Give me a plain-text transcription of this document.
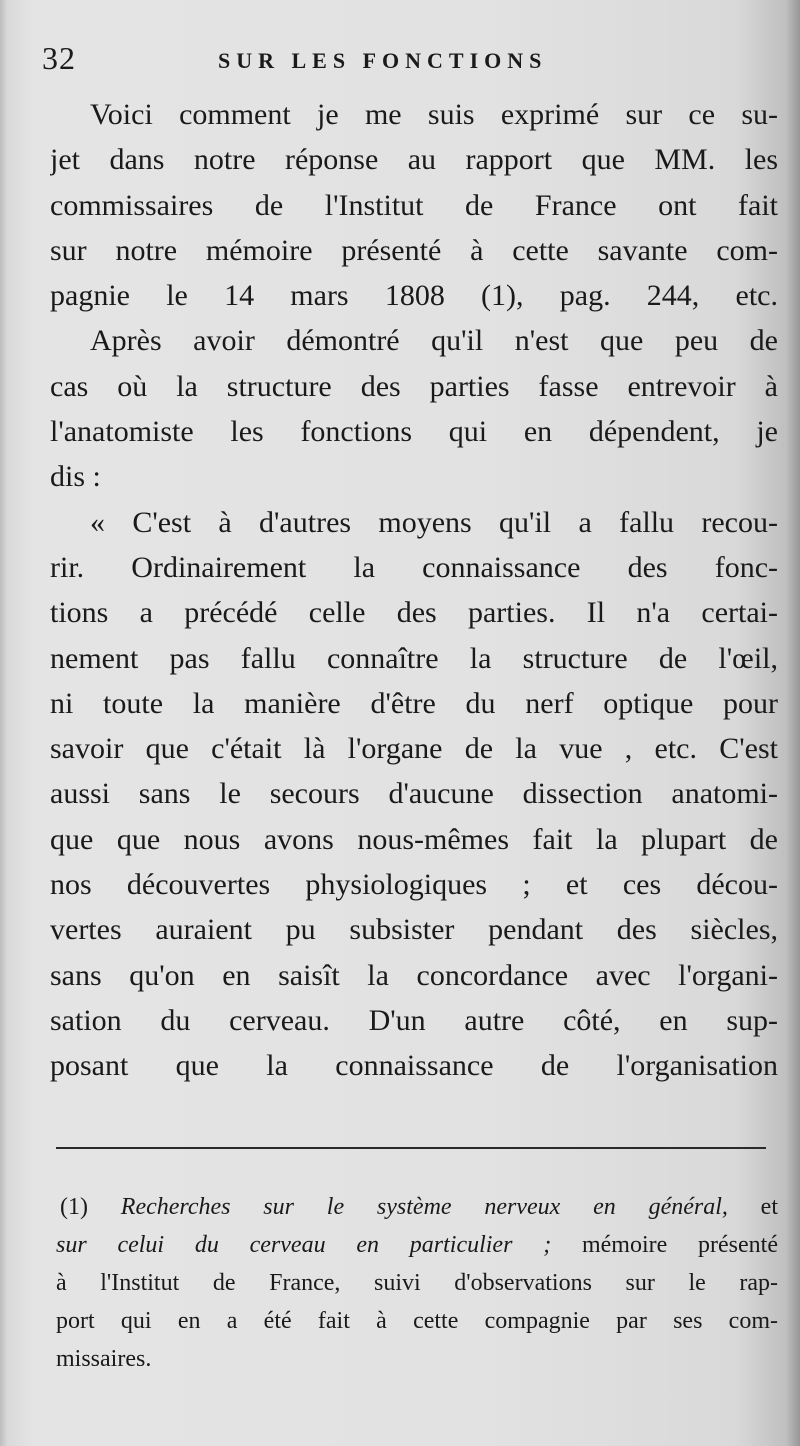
32	SUR LES FONCTIONS
Voici comment je me suis exprimé sur ce su-
jet dans notre réponse au rapport que MM. les
commissaires de l'Institut de France ont fait
sur notre mémoire présenté à cette savante com-
pagnie le 14 mars 1808 (1), pag. 244, etc.
Après avoir démontré qu'il n'est que peu de
cas où la structure des parties fasse entrevoir à
l'anatomiste les fonctions qui en dépendent, je
dis :
« C'est à d'autres moyens qu'il a fallu recou-
rir. Ordinairement la connaissance des fonc-
tions a précédé celle des parties. Il n'a certai-
nement pas fallu connaître la structure de l'œil,
ni toute la manière d'être du nerf optique pour
savoir que c'était là l'organe de la vue , etc. C'est
aussi sans le secours d'aucune dissection anatomi-
que que nous avons nous-mêmes fait la plupart de
nos découvertes physiologiques ; et ces décou-
vertes auraient pu subsister pendant des siècles,
sans qu'on en saisît la concordance avec l'organi-
sation du cerveau. D'un autre côté, en sup-
posant que la connaissance de l'organisation
(1) Recherches sur le système nerveux en général, et
sur celui du cerveau en particulier ; mémoire présenté
à l'Institut de France, suivi d'observations sur le rap-
port qui en a été fait à cette compagnie par ses com-
missaires.
